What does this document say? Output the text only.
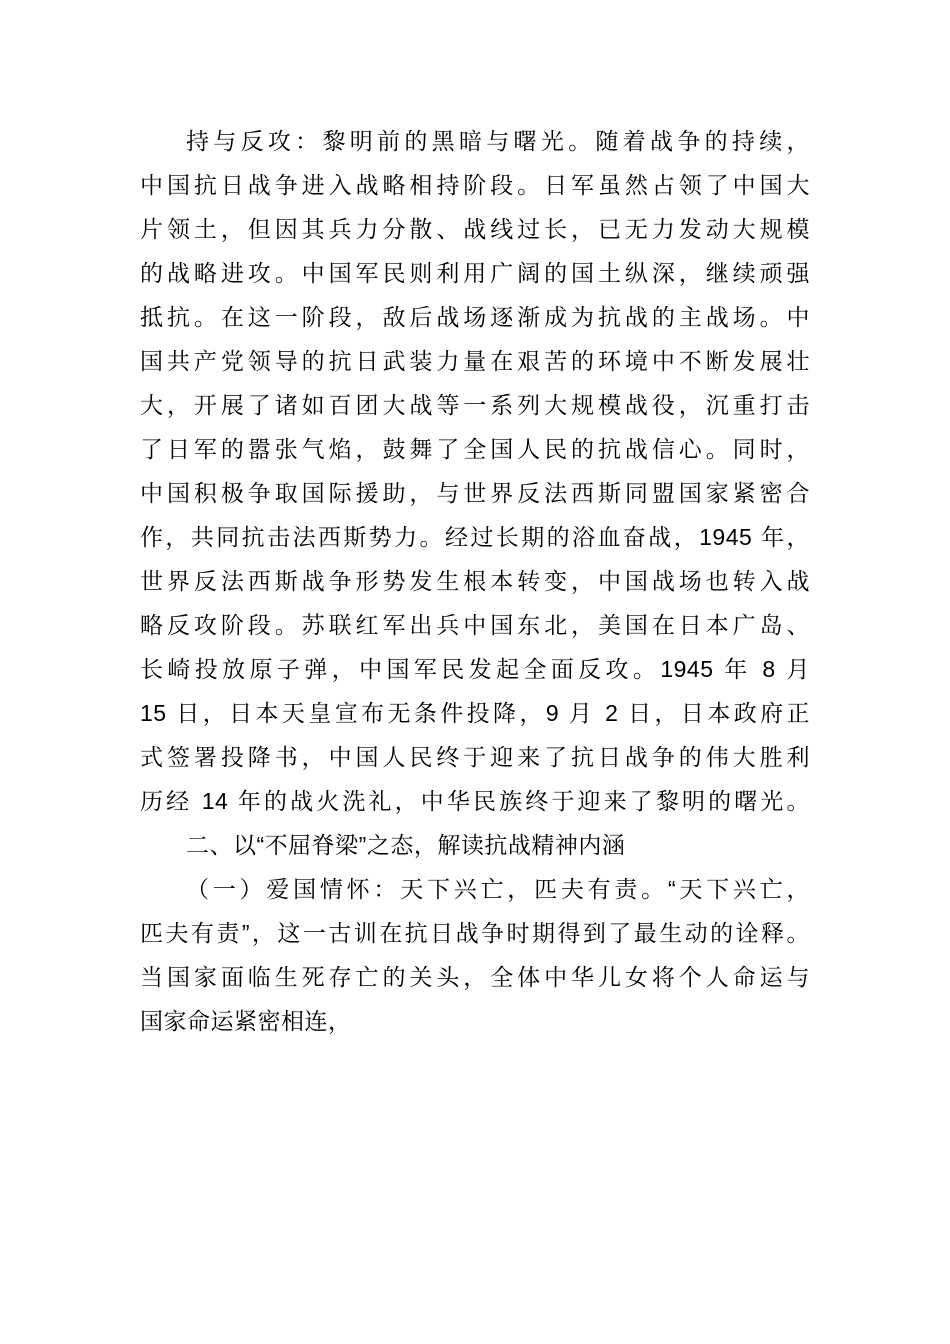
持与反攻：黎明前的黑暗与曙光。随着战争的持续，
中国抗日战争进入战略相持阶段。日军虽然占领了中国大
片领土，但因其兵力分散、战线过长，已无力发动大规模
的战略进攻。中国军民则利用广阔的国土纵深，继续顽强
抵抗。在这一阶段，敌后战场逐渐成为抗战的主战场。中
国共产党领导的抗日武装力量在艰苦的环境中不断发展壮
大，开展了诸如百团大战等一系列大规模战役，沉重打击
了日军的嚣张气焰，鼓舞了全国人民的抗战信心。同时，
中国积极争取国际援助，与世界反法西斯同盟国家紧密合
作，共同抗击法西斯势力。经过长期的浴血奋战，1945 年，
世界反法西斯战争形势发生根本转变，中国战场也转入战
略反攻阶段。苏联红军出兵中国东北，美国在日本广岛、
长崎投放原子弹，中国军民发起全面反攻。1945 年 8 月
15 日，日本天皇宣布无条件投降，9 月 2 日，日本政府正
式签署投降书，中国人民终于迎来了抗日战争的伟大胜利
历经 14 年的战火洗礼，中华民族终于迎来了黎明的曙光。
二、以“不屈脊梁”之态，解读抗战精神内涵
（一）爱国情怀：天下兴亡，匹夫有责。“天下兴亡，
匹夫有责”，这一古训在抗日战争时期得到了最生动的诠释。
当国家面临生死存亡的关头，全体中华儿女将个人命运与
国家命运紧密相连，
